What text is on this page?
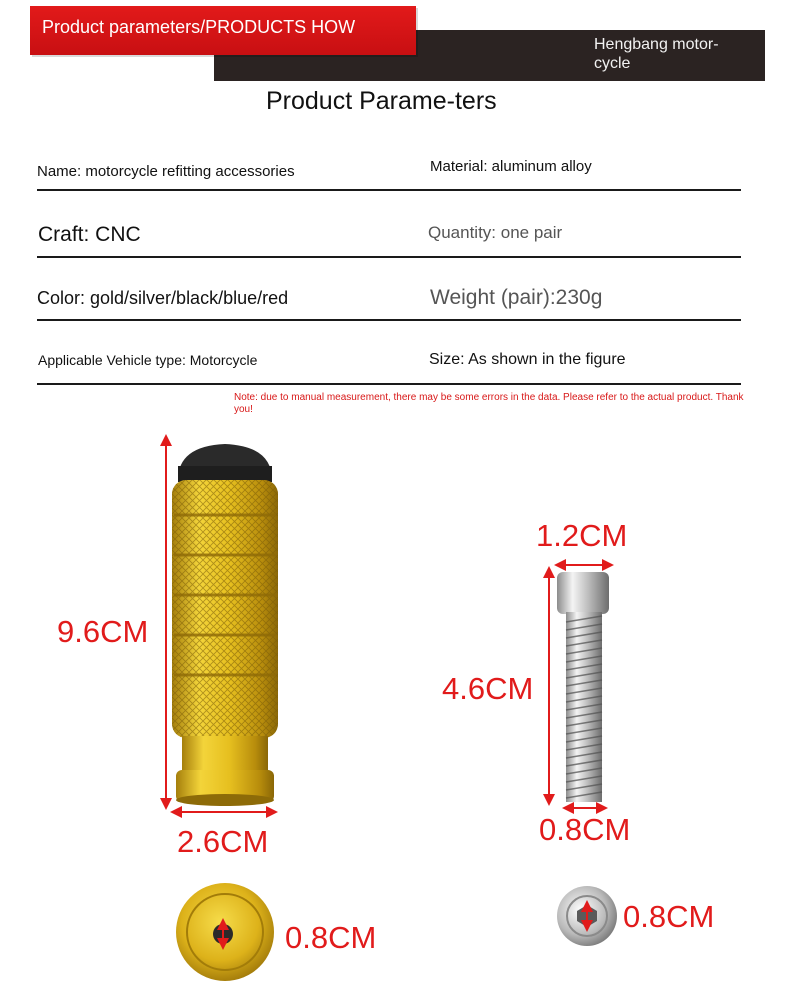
Product parameters/PRODUCTS HOW
Hengbang motor-cycle
Product Parame-ters
Name: motorcycle refitting accessories	Material: aluminum alloy
Craft: CNC	Quantity: one pair
Color: gold/silver/black/blue/red	Weight (pair):230g
Applicable Vehicle type: Motorcycle	Size: As shown in the figure
Note: due to manual measurement, there may be some errors in the data. Please refer to the actual product. Thank you!
9.6CM
2.6CM
0.8CM
1.2CM
4.6CM
0.8CM
0.8CM
